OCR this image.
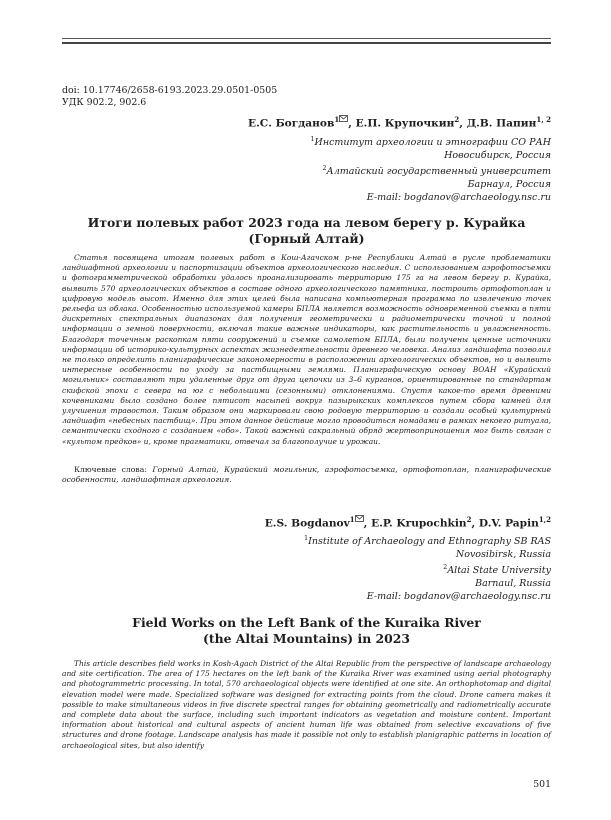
doi: 10.17746/2658-6193.2023.29.0501-0505
УДК 902.2, 902.6
Е.С. Богданов$^1$ , Е.П. Крупочкин$^2$, Д.В. Папин$^{1, 2}$
$^1$Институт археологии и этнографии СО РАН
Новосибирск, Россия
$^2$Алтайский государственный университет
Барнаул, Россия
E-mail: bogdanov@archaeology.nsc.ru
Итоги полевых работ 2023 года на левом берегу р. Курайка
(Горный Алтай)

Статья посвящена итогам полевых работ в Кош-Агачском р-не Республики Алтай в русле проблематики ландшафтной археологии и паспортизации объектов археологического наследия. С использованием аэрофотосъемки и фотограмметрической обработки удалось проанализировать территорию 175 га на левом берегу р. Курайка, выявить 570 археологических объектов в составе одного археологического памятника, построить ортофотоплан и цифровую модель высот. Именно для этих целей была написана компьютерная программа по извлечению точек рельефа из облака. Особенностью используемой камеры БПЛА является возможность одновременной съемки в пяти дискретных спектральных диапазонах для получения геометрически и радиометрически точной и полной информации о земной поверхности, включая такие важные индикаторы, как растительность и увлажненность. Благодаря точечным раскопкам пяти сооружений и съемке самолетом БПЛА, были получены ценные источники информации об историко-культурных аспектах жизнедеятельности древнего человека. Анализ ландшафта позволил не только определить планиграфические закономерности в расположении археологических объектов, но и выявить интересные особенности по уходу за пастбищными землями. Планиграфическую основу ВОАН «Курайский могильник» составляют три удаленные друг от друга цепочки из 3–6 курганов, ориентированные по стандартам скифской эпохи с севера на юг с небольшими (сезонными) отклонениями. Спустя какое-то время древними кочевниками было создано более пятисот насыпей вокруг пазырыкских комплексов путем сбора камней для улучшения травостоя. Таким образом они маркировали свою родовую территорию и создали особый культурный ландшафт «небесных пастбищ». При этом данное действие могло проводиться номадами в рамках некоего ритуала, семантически сходного с созданием «обо». Такой важный сакральный обряд жертвоприношения мог быть связан с «культом предков» и, кроме прагматики, отвечал за благополучие и урожаи.

Ключевые слова: Горный Алтай, Курайский могильник, аэрофотосъемка, ортофотоплан, планиграфические особенности, ландшафтная археология.

E.S. Bogdanov$^1$ , E.P. Krupochkin$^2$, D.V. Papin$^{1,2}$
$^1$Institute of Archaeology and Ethnography SB RAS
Novosibirsk, Russia
$^2$Altai State University
Barnaul, Russia
E-mail: bogdanov@archaeology.nsc.ru
Field Works on the Left Bank of the Kuraika River
(the Altai Mountains) in 2023

This article describes field works in Kosh-Agach District of the Altai Republic from the perspective of landscape archaeology and site certification. The area of 175 hectares on the left bank of the Kuraika River was examined using aerial photography and photogrammetric processing. In total, 570 archaeological objects were identified at one site. An orthophotomap and digital elevation model were made. Specialized software was designed for extracting points from the cloud. Drone camera makes it possible to make simultaneous videos in five discrete spectral ranges for obtaining geometrically and radiometrically accurate and complete data about the surface, including such important indicators as vegetation and moisture content. Important information about historical and cultural aspects of ancient human life was obtained from selective excavations of five structures and drone footage. Landscape analysis has made it possible not only to establish planigraphic patterns in location of archaeological sites, but also identify

501
